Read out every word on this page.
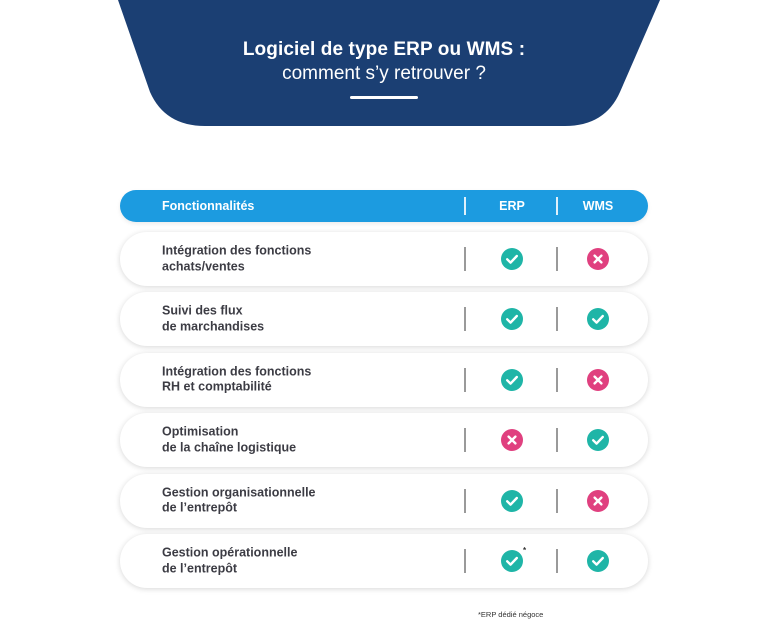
Logiciel de type ERP ou WMS :
comment s’y retrouver ?
Fonctionnalités	ERP	WMS
Intégration des fonctions
achats/ventes
Suivi des flux
de marchandises
Intégration des fonctions
RH et comptabilité
Optimisation
de la chaîne logistique
Gestion organisationnelle
de l’entrepôt
Gestion opérationnelle
de l’entrepôt
*
*ERP dédié négoce
